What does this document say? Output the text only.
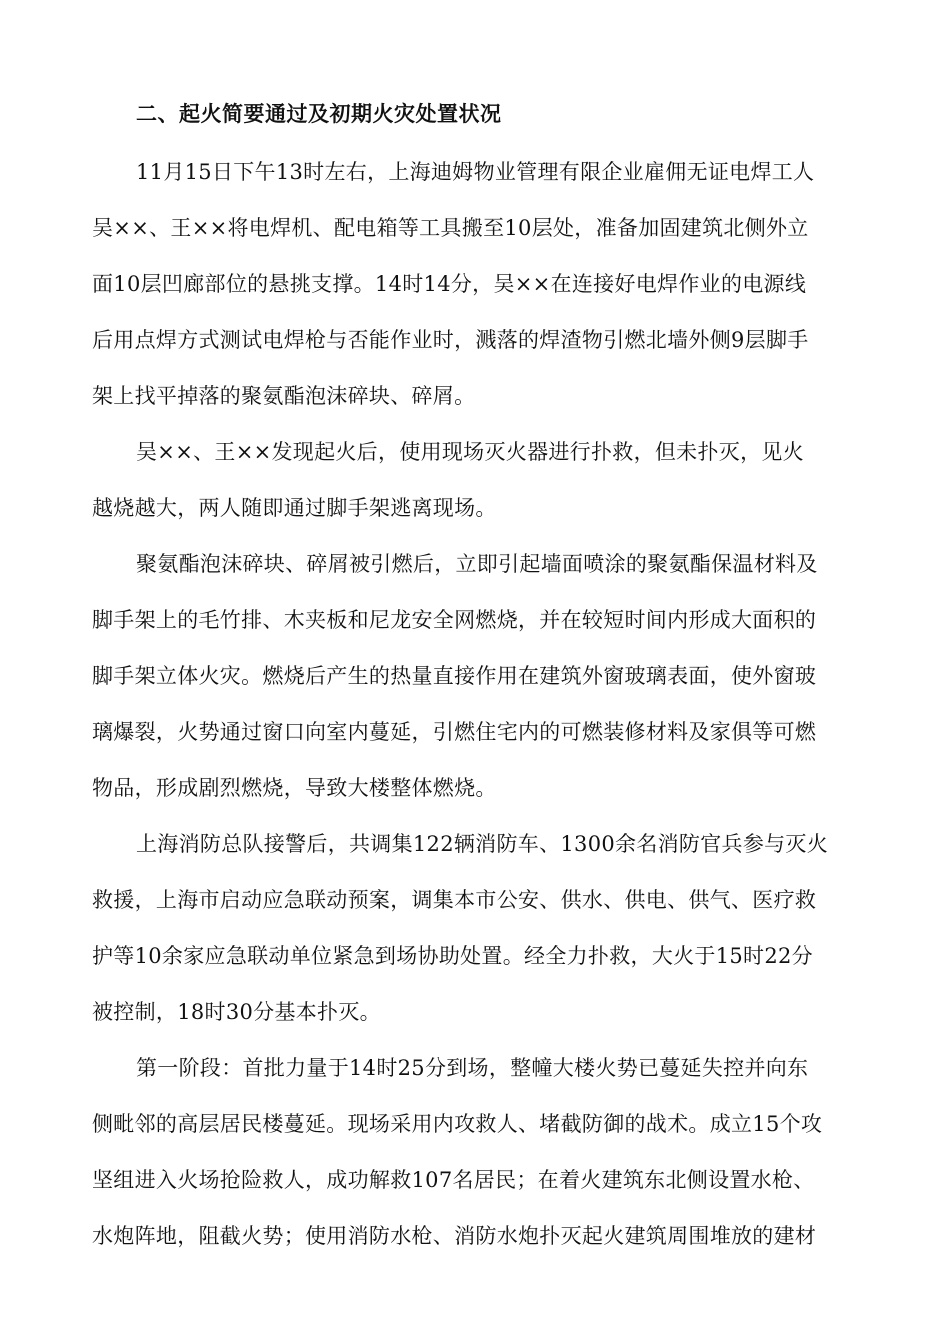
二、起火简要通过及初期火灾处置状况
11月15日下午13时左右，上海迪姆物业管理有限企业雇佣无证电焊工人
吴××、王××将电焊机、配电箱等工具搬至10层处，准备加固建筑北侧外立
面10层凹廊部位的悬挑支撑。14时14分，吴××在连接好电焊作业的电源线
后用点焊方式测试电焊枪与否能作业时，溅落的焊渣物引燃北墙外侧9层脚手
架上找平掉落的聚氨酯泡沫碎块、碎屑。
吴××、王××发现起火后，使用现场灭火器进行扑救，但未扑灭，见火
越烧越大，两人随即通过脚手架逃离现场。
聚氨酯泡沫碎块、碎屑被引燃后，立即引起墙面喷涂的聚氨酯保温材料及
脚手架上的毛竹排、木夹板和尼龙安全网燃烧，并在较短时间内形成大面积的
脚手架立体火灾。燃烧后产生的热量直接作用在建筑外窗玻璃表面，使外窗玻
璃爆裂，火势通过窗口向室内蔓延，引燃住宅内的可燃装修材料及家俱等可燃
物品，形成剧烈燃烧，导致大楼整体燃烧。
上海消防总队接警后，共调集122辆消防车、1300余名消防官兵参与灭火
救援，上海市启动应急联动预案，调集本市公安、供水、供电、供气、医疗救
护等10余家应急联动单位紧急到场协助处置。经全力扑救，大火于15时22分
被控制，18时30分基本扑灭。
第一阶段：首批力量于14时25分到场，整幢大楼火势已蔓延失控并向东
侧毗邻的高层居民楼蔓延。现场采用内攻救人、堵截防御的战术。成立15个攻
坚组进入火场抢险救人，成功解救107名居民；在着火建筑东北侧设置水枪、
水炮阵地，阻截火势；使用消防水枪、消防水炮扑灭起火建筑周围堆放的建材
